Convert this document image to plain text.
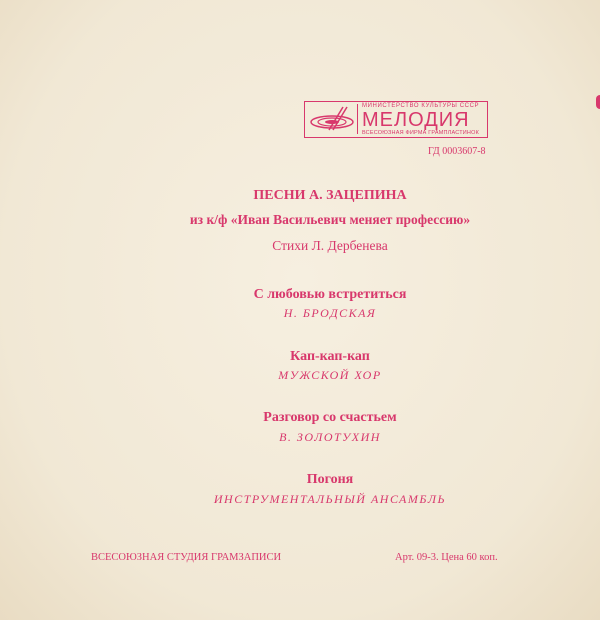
МИНИСТЕРСТВО КУЛЬТУРЫ СССР
МЕЛОДИЯ
ВСЕСОЮЗНАЯ ФИРМА ГРАМПЛАСТИНОК
ГД 0003607-8
ПЕСНИ А. ЗАЦЕПИНА
из к/ф «Иван Васильевич меняет профессию»
Стихи Л. Дербенева
С любовью встретиться
Н. БРОДСКАЯ
Кап-кап-кап
МУЖСКОЙ ХОР
Разговор со счастьем
В. ЗОЛОТУХИН
Погоня
ИНСТРУМЕНТАЛЬНЫЙ АНСАМБЛЬ
ВСЕСОЮЗНАЯ СТУДИЯ ГРАМЗАПИСИ	Арт. 09-3. Цена 60 коп.
